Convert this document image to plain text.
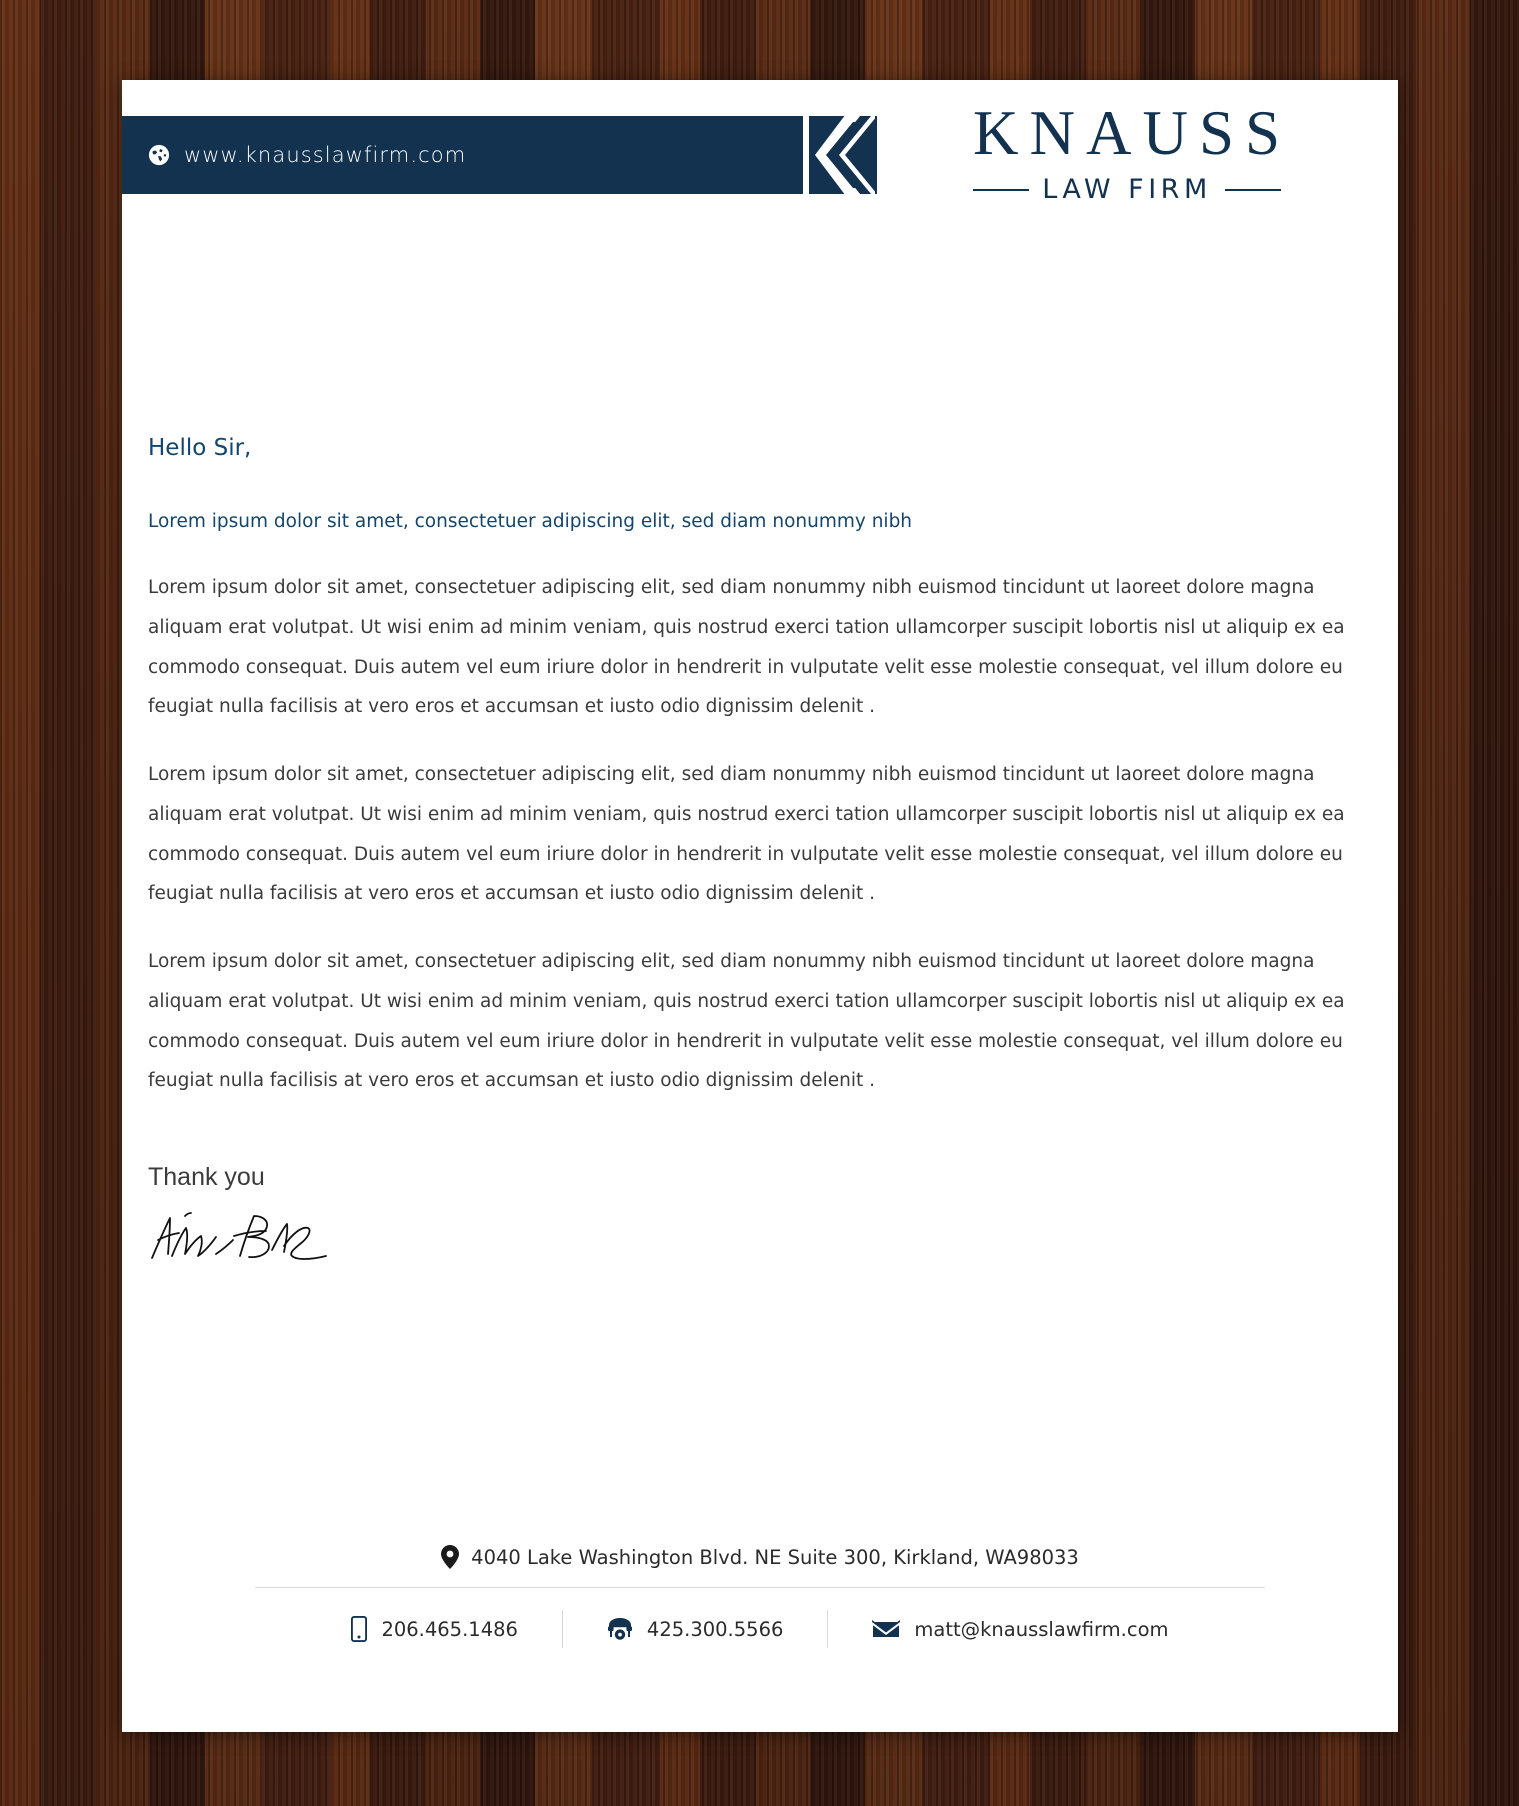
www.knausslawfirm.com	KNAUSS
LAW FIRM

Hello Sir,

Lorem ipsum dolor sit amet, consectetuer adipiscing elit, sed diam nonummy nibh

Lorem ipsum dolor sit amet, consectetuer adipiscing elit, sed diam nonummy nibh euismod tincidunt ut laoreet dolore magna aliquam erat volutpat. Ut wisi enim ad minim veniam, quis nostrud exerci tation ullamcorper suscipit lobortis nisl ut aliquip ex ea commodo consequat. Duis autem vel eum iriure dolor in hendrerit in vulputate velit esse molestie consequat, vel illum dolore eu feugiat nulla facilisis at vero eros et accumsan et iusto odio dignissim delenit .

Lorem ipsum dolor sit amet, consectetuer adipiscing elit, sed diam nonummy nibh euismod tincidunt ut laoreet dolore magna aliquam erat volutpat. Ut wisi enim ad minim veniam, quis nostrud exerci tation ullamcorper suscipit lobortis nisl ut aliquip ex ea commodo consequat. Duis autem vel eum iriure dolor in hendrerit in vulputate velit esse molestie consequat, vel illum dolore eu feugiat nulla facilisis at vero eros et accumsan et iusto odio dignissim delenit .

Lorem ipsum dolor sit amet, consectetuer adipiscing elit, sed diam nonummy nibh euismod tincidunt ut laoreet dolore magna aliquam erat volutpat. Ut wisi enim ad minim veniam, quis nostrud exerci tation ullamcorper suscipit lobortis nisl ut aliquip ex ea commodo consequat. Duis autem vel eum iriure dolor in hendrerit in vulputate velit esse molestie consequat, vel illum dolore eu feugiat nulla facilisis at vero eros et accumsan et iusto odio dignissim delenit .

Thank you

4040 Lake Washington Blvd. NE Suite 300, Kirkland, WA98033
206.465.1486	425.300.5566	matt@knausslawfirm.com
